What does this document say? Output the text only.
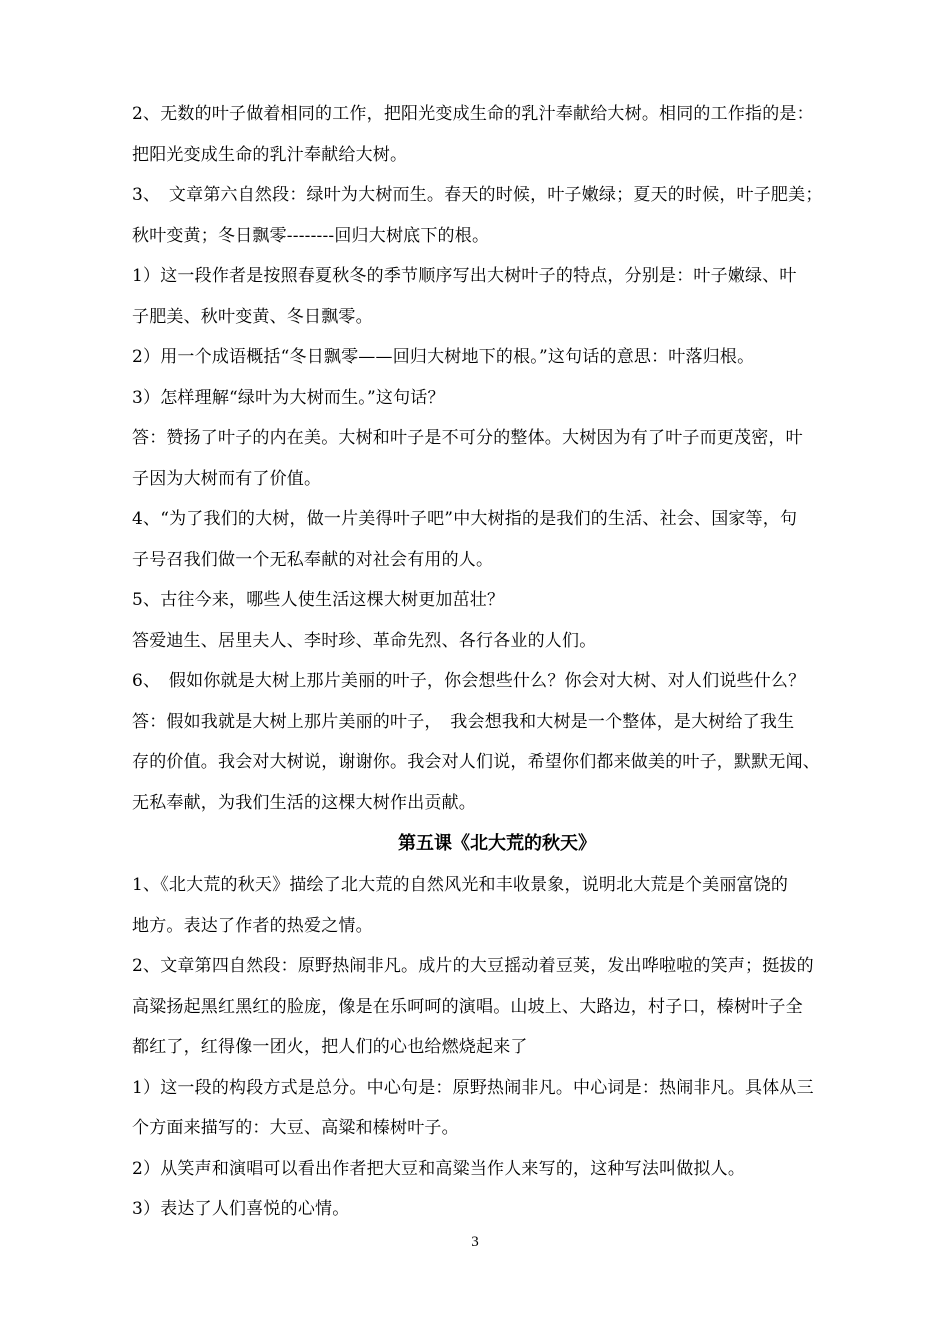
2、无数的叶子做着相同的工作，把阳光变成生命的乳汁奉献给大树。相同的工作指的是：
把阳光变成生命的乳汁奉献给大树。
3、　文章第六自然段：绿叶为大树而生。春天的时候，叶子嫩绿；夏天的时候，叶子肥美；
秋叶变黄；冬日飘零--------回归大树底下的根。
1）这一段作者是按照春夏秋冬的季节顺序写出大树叶子的特点，分别是：叶子嫩绿、叶
子肥美、秋叶变黄、冬日飘零。
2）用一个成语概括“冬日飘零——回归大树地下的根。”这句话的意思：叶落归根。
3）怎样理解“绿叶为大树而生。”这句话？
答：赞扬了叶子的内在美。大树和叶子是不可分的整体。大树因为有了叶子而更茂密，叶
子因为大树而有了价值。
4、“为了我们的大树，做一片美得叶子吧”中大树指的是我们的生活、社会、国家等，句
子号召我们做一个无私奉献的对社会有用的人。
5、古往今来，哪些人使生活这棵大树更加茁壮？
答爱迪生、居里夫人、李时珍、革命先烈、各行各业的人们。
6、　假如你就是大树上那片美丽的叶子，你会想些什么？你会对大树、对人们说些什么？
答：假如我就是大树上那片美丽的叶子，　我会想我和大树是一个整体，是大树给了我生
存的价值。我会对大树说，谢谢你。我会对人们说，希望你们都来做美的叶子，默默无闻、
无私奉献，为我们生活的这棵大树作出贡献。
第五课《北大荒的秋天》
1、《北大荒的秋天》描绘了北大荒的自然风光和丰收景象，说明北大荒是个美丽富饶的
地方。表达了作者的热爱之情。
2、文章第四自然段：原野热闹非凡。成片的大豆摇动着豆荚，发出哗啦啦的笑声；挺拔的
高粱扬起黑红黑红的脸庞，像是在乐呵呵的演唱。山坡上、大路边，村子口，榛树叶子全
都红了，红得像一团火，把人们的心也给燃烧起来了
1）这一段的构段方式是总分。中心句是：原野热闹非凡。中心词是：热闹非凡。具体从三
个方面来描写的：大豆、高粱和榛树叶子。
2）从笑声和演唱可以看出作者把大豆和高粱当作人来写的，这种写法叫做拟人。
3）表达了人们喜悦的心情。
3
